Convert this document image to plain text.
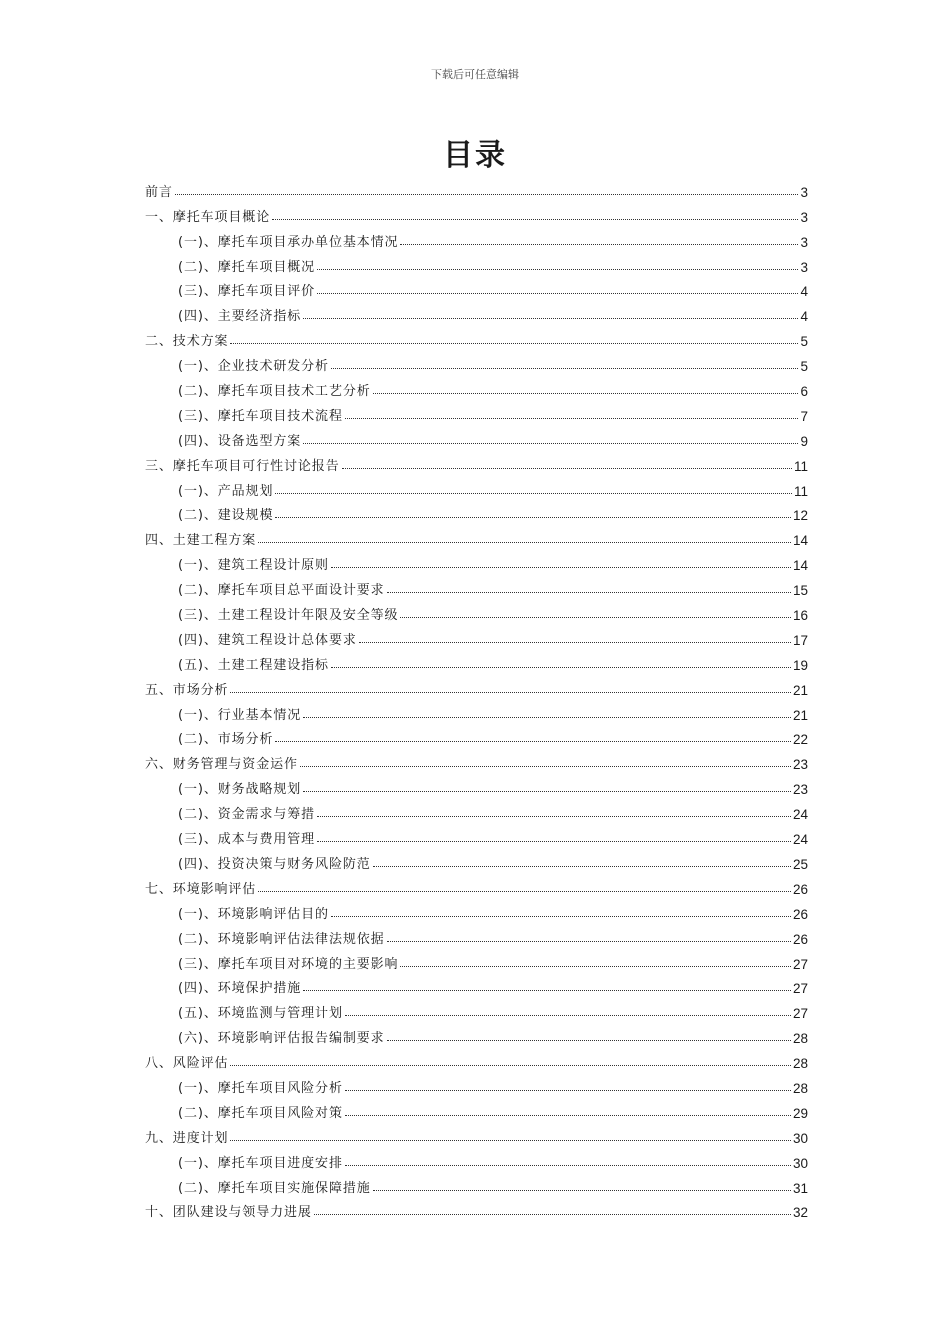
下载后可任意编辑
目录
前言	3
一、摩托车项目概论	3
(一)、摩托车项目承办单位基本情况	3
(二)、摩托车项目概况	3
(三)、摩托车项目评价	4
(四)、主要经济指标	4
二、技术方案	5
(一)、企业技术研发分析	5
(二)、摩托车项目技术工艺分析	6
(三)、摩托车项目技术流程	7
(四)、设备选型方案	9
三、摩托车项目可行性讨论报告	11
(一)、产品规划	11
(二)、建设规模	12
四、土建工程方案	14
(一)、建筑工程设计原则	14
(二)、摩托车项目总平面设计要求	15
(三)、土建工程设计年限及安全等级	16
(四)、建筑工程设计总体要求	17
(五)、土建工程建设指标	19
五、市场分析	21
(一)、行业基本情况	21
(二)、市场分析	22
六、财务管理与资金运作	23
(一)、财务战略规划	23
(二)、资金需求与筹措	24
(三)、成本与费用管理	24
(四)、投资决策与财务风险防范	25
七、环境影响评估	26
(一)、环境影响评估目的	26
(二)、环境影响评估法律法规依据	26
(三)、摩托车项目对环境的主要影响	27
(四)、环境保护措施	27
(五)、环境监测与管理计划	27
(六)、环境影响评估报告编制要求	28
八、风险评估	28
(一)、摩托车项目风险分析	28
(二)、摩托车项目风险对策	29
九、进度计划	30
(一)、摩托车项目进度安排	30
(二)、摩托车项目实施保障措施	31
十、团队建设与领导力进展	32
